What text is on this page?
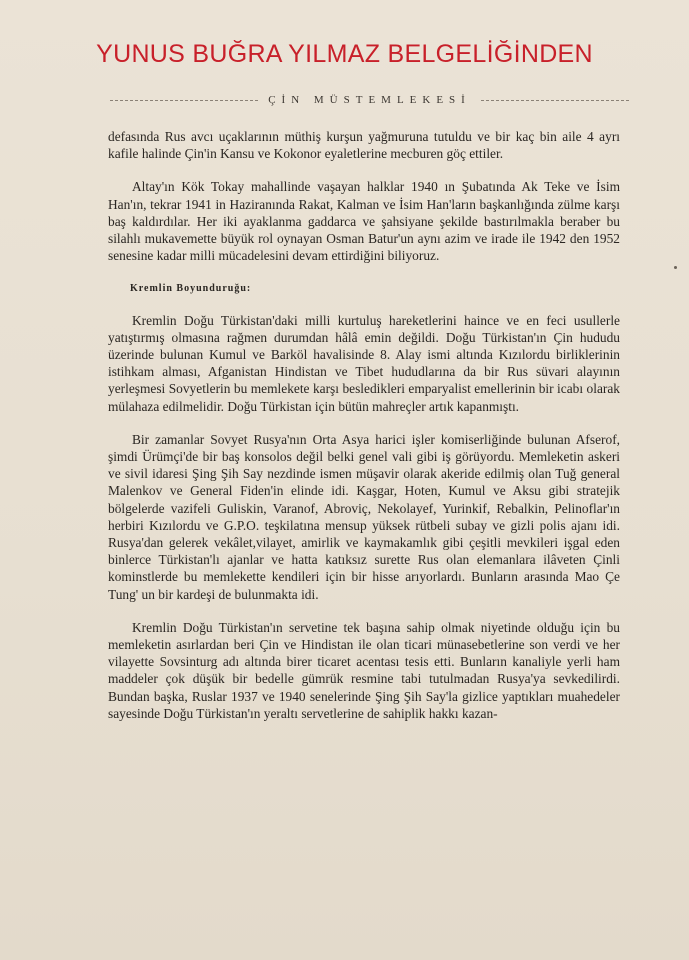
YUNUS BUĞRA YILMAZ BELGELİĞİNDEN
ÇİN MÜSTEMLEKESİ

defasında Rus avcı uçaklarının müthiş kurşun yağmuruna tutuldu ve bir kaç bin aile 4 ayrı kafile halinde Çin'in Kansu ve Kokonor eyaletlerine mecburen göç ettiler.

Altay'ın Kök Tokay mahallinde vaşayan halklar 1940 ın Şubatında Ak Teke ve İsim Han'ın, tekrar 1941 in Haziranında Rakat, Kalman ve İsim Han'ların başkanlığında zülme karşı baş kaldırdılar. Her iki ayaklanma gaddarca ve şahsiyane şekilde bastırılmakla beraber bu silahlı mukavemette büyük rol oynayan Osman Batur'un aynı azim ve irade ile 1942 den 1952 senesine kadar milli mücadelesini devam ettirdiğini biliyoruz.

Kremlin Boyunduruğu:

Kremlin Doğu Türkistan'daki milli kurtuluş hareketlerini haince ve en feci usullerle yatıştırmış olmasına rağmen durumdan hâlâ emin değildi. Doğu Türkistan'ın Çin hududu üzerinde bulunan Kumul ve Barköl havalisinde 8. Alay ismi altında Kızılordu birliklerinin istihkam alması, Afganistan Hindistan ve Tibet hududlarına da bir Rus süvari alayının yerleşmesi Sovyetlerin bu memlekete karşı besledikleri emparyalist emellerinin bir icabı olarak mülahaza edilmelidir. Doğu Türkistan için bütün mahreçler artık kapanmıştı.

Bir zamanlar Sovyet Rusya'nın Orta Asya harici işler komiserliğinde bulunan Afserof, şimdi Ürümçi'de bir baş konsolos değil belki genel vali gibi iş görüyordu. Memleketin askeri ve sivil idaresi Şing Şih Say nezdinde ismen müşavir olarak akeride edilmiş olan Tuğ general Malenkov ve General Fiden'in elinde idi. Kaşgar, Hoten, Kumul ve Aksu gibi stratejik bölgelerde vazifeli Guliskin, Varanof, Abroviç, Nekolayef, Yurinkif, Rebalkin, Pelinoflar'ın herbiri Kızılordu ve G.P.O. teşkilatına mensup yüksek rütbeli subay ve gizli polis ajanı idi. Rusya'dan gelerek vekâlet,vilayet, amirlik ve kaymakamlık gibi çeşitli mevkileri işgal eden binlerce Türkistan'lı ajanlar ve hatta katıksız surette Rus olan elemanlara ilâveten Çinli kominstlerde bu memlekette kendileri için bir hisse arıyorlardı. Bunların arasında Mao Çe Tung' un bir kardeşi de bulunmakta idi.

Kremlin Doğu Türkistan'ın servetine tek başına sahip olmak niyetinde olduğu için bu memleketin asırlardan beri Çin ve Hindistan ile olan ticari münasebetlerine son verdi ve her vilayette Sovsinturg adı altında birer ticaret acentası tesis etti. Bunların kanaliyle yerli ham maddeler çok düşük bir bedelle gümrük resmine tabi tutulmadan Rusya'ya sevkedilirdi. Bundan başka, Ruslar 1937 ve 1940 senelerinde Şing Şih Say'la gizlice yaptıkları muahedeler sayesinde Doğu Türkistan'ın yeraltı servetlerine de sahiplik hakkı kazan-
